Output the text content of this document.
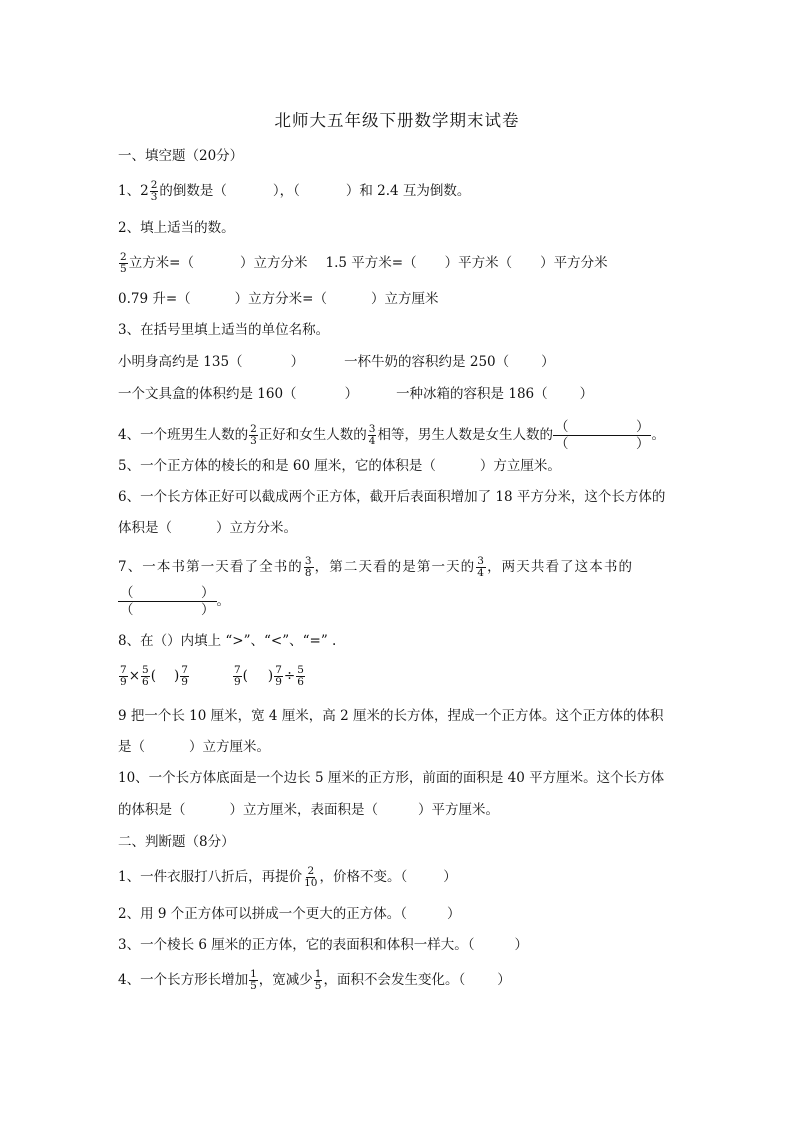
北师大五年级下册数学期末试卷
一、填空题（20分）
1、$2 \frac{2}{3}$ 的倒数是（	），（	）和 2.4 互为倒数。
2、填上适当的数。
$\frac{2}{5}$ 立方米=（	）立方分米 1.5 平方米=（ ）平方米（ ）平方分米
0.79 升=（	）立方分米=（	）立方厘米
3、在括号里填上适当的单位名称。
小明身高约是 135（	）	一杯牛奶的容积约是 250（ ）
一个文具盒的体积约是 160（	）	一种冰箱的容积是 186（ ）
4、一个班男生人数的 $\frac{2}{3}$ 正好和女生人数的 $\frac{3}{4}$ 相等，男生人数是女生人数的 $\frac{( )}{( )}$ 。
5、一个正方体的棱长的和是 60 厘米，它的体积是（	）方立厘米。
6、一个长方体正好可以截成两个正方体，截开后表面积增加了 18 平方分米，这个长方体的
体积是（	）立方分米。
7、一本书第一天看了全书的 $\frac{3}{8}$ ，第二天看的是第一天的 $\frac{3}{4}$ ，两天共看了这本书的
$\frac{( )}{( )}$ 。
8、在（）内填上 “>”、“<”、“=” .
$\frac{7}{9} \times \frac{5}{6}$ ( ) $\frac{7}{9}$	$\frac{7}{9}$ ( ) $\frac{7}{9} \div \frac{5}{6}$
9 把一个长 10 厘米，宽 4 厘米，高 2 厘米的长方体，捏成一个正方体。这个正方体的体积
是（	）立方厘米。
10、一个长方体底面是一个边长 5 厘米的正方形，前面的面积是 40 平方厘米。这个长方体
的体积是（	）立方厘米，表面积是（	）平方厘米。
二、判断题（8分）
1、一件衣服打八折后，再提价 $\frac{2}{10}$ ，价格不变。（	）
2、用 9 个正方体可以拼成一个更大的正方体。（	）
3、一个棱长 6 厘米的正方体，它的表面积和体积一样大。（	）
4、一个长方形长增加 $\frac{1}{5}$ ，宽减少 $\frac{1}{5}$ ，面积不会发生变化。（ ）
